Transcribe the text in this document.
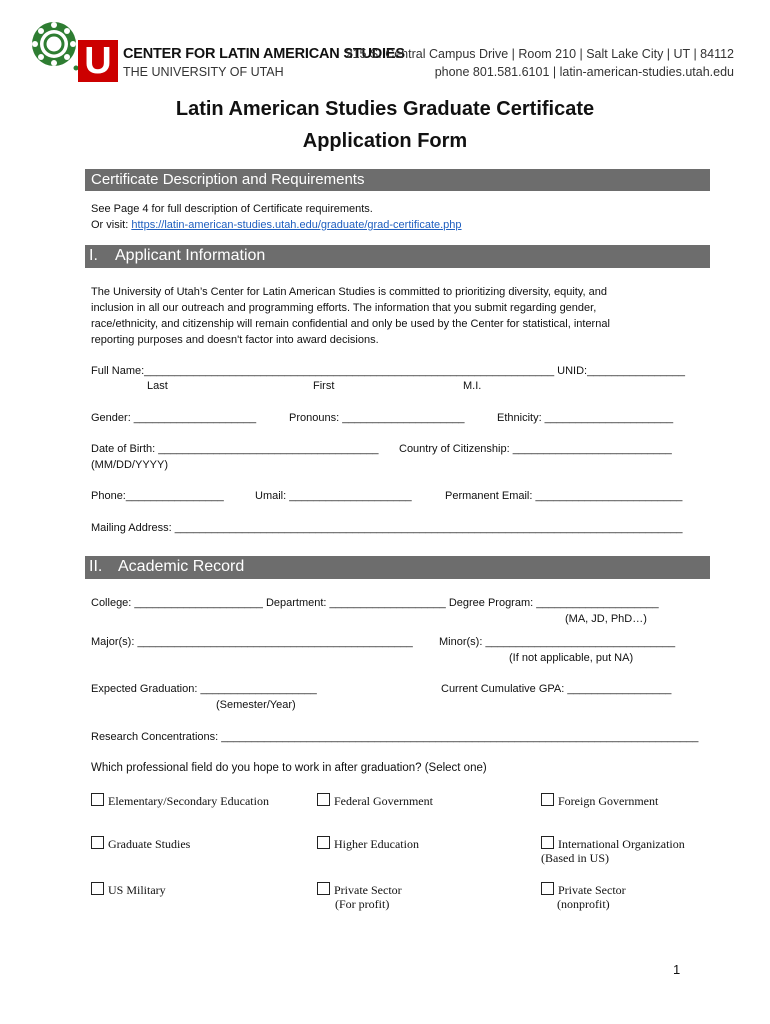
U CENTER FOR LATIN AMERICAN STUDIES
THE UNIVERSITY OF UTAH
215 S. Central Campus Drive | Room 210 | Salt Lake City | UT | 84112
phone 801.581.6101 | latin-american-studies.utah.edu
Latin American Studies Graduate Certificate
Application Form
Certificate Description and Requirements
See Page 4 for full description of Certificate requirements.
Or visit: https://latin-american-studies.utah.edu/graduate/grad-certificate.php
I. Applicant Information
The University of Utah’s Center for Latin American Studies is committed to prioritizing diversity, equity, and
inclusion in all our outreach and programming efforts. The information that you submit regarding gender,
race/ethnicity, and citizenship will remain confidential and only be used by the Center for statistical, internal
reporting purposes and doesn't factor into award decisions.
Full Name:___________________________________________________________________ UNID:________________
Last	First	M.I.
Gender: ____________________	Pronouns: ____________________	Ethnicity: _____________________
Date of Birth: ____________________________________ Country of Citizenship: __________________________
(MM/DD/YYYY)
Phone:________________	Umail: ____________________	Permanent Email: ________________________
Mailing Address: ___________________________________________________________________________________
II. Academic Record
College: _____________________ Department: ___________________ Degree Program: ____________________
(MA, JD, PhD…)
Major(s): _____________________________________________ Minor(s): _______________________________
(If not applicable, put NA)
Expected Graduation: ___________________	Current Cumulative GPA: _________________
(Semester/Year)
Research Concentrations: ______________________________________________________________________________
Which professional field do you hope to work in after graduation? (Select one)
Elementary/Secondary Education	Federal Government	Foreign Government
Graduate Studies	Higher Education	International Organization
(Based in US)
US Military	Private Sector
(For profit)
Private Sector
(nonprofit)
1
